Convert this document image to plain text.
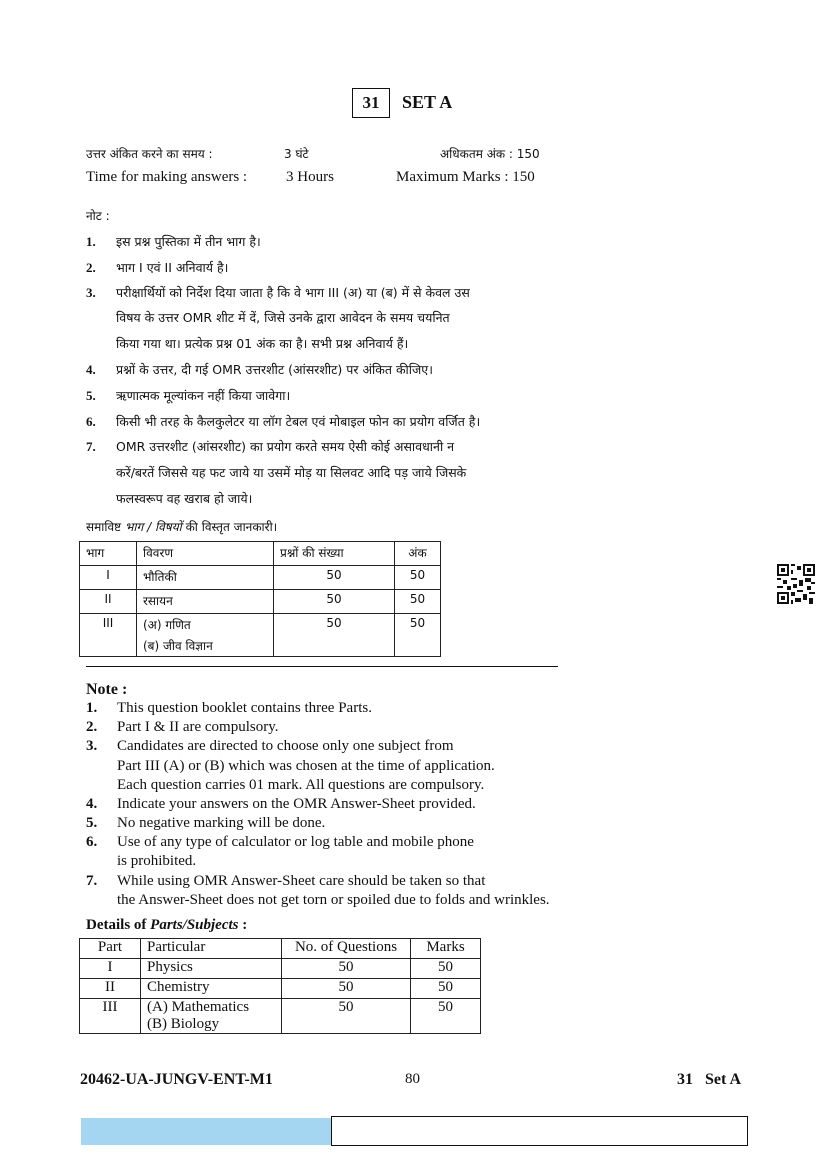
31	SET A
उत्तर अंकित करने का समय :	3 घंटे	अधिकतम अंक : 150
Time for making answers :	3 Hours	Maximum Marks : 150
नोट :
1. इस प्रश्न पुस्तिका में तीन भाग है।
2. भाग I एवं II अनिवार्य है।
3. परीक्षार्थियों को निर्देश दिया जाता है कि वे भाग III (अ) या (ब) में से केवल उस
विषय के उत्तर OMR शीट में दें, जिसे उनके द्वारा आवेदन के समय चयनित
किया गया था। प्रत्येक प्रश्न 01 अंक का है। सभी प्रश्न अनिवार्य हैं।
4. प्रश्नों के उत्तर, दी गई OMR उत्तरशीट (आंसरशीट) पर अंकित कीजिए।
5. ऋणात्मक मूल्यांकन नहीं किया जावेगा।
6. किसी भी तरह के कैलकुलेटर या लॉग टेबल एवं मोबाइल फोन का प्रयोग वर्जित है।
7. OMR उत्तरशीट (आंसरशीट) का प्रयोग करते समय ऐसी कोई असावधानी न
करें/बरतें जिससे यह फट जाये या उसमें मोड़ या सिलवट आदि पड़ जाये जिसके
फलस्वरूप वह खराब हो जाये।
समाविष्ट भाग / विषयों की विस्तृत जानकारी।
भाग	विवरण	प्रश्नों की संख्या	अंक
I	भौतिकी	50	50
II	रसायन	50	50
III	(अ) गणित
(ब) जीव विज्ञान	50	50
Note :
1. This question booklet contains three Parts.
2. Part I & II are compulsory.
3. Candidates are directed to choose only one subject from
Part III (A) or (B) which was chosen at the time of application.
Each question carries 01 mark. All questions are compulsory.
4. Indicate your answers on the OMR Answer-Sheet provided.
5. No negative marking will be done.
6. Use of any type of calculator or log table and mobile phone
is prohibited.
7. While using OMR Answer-Sheet care should be taken so that
the Answer-Sheet does not get torn or spoiled due to folds and wrinkles.
Details of Parts/Subjects :
Part	Particular	No. of Questions	Marks
I	Physics	50	50
II	Chemistry	50	50
III	(A) Mathematics
(B) Biology	50	50
20462-UA-JUNGV-ENT-M1	80	31   Set A
